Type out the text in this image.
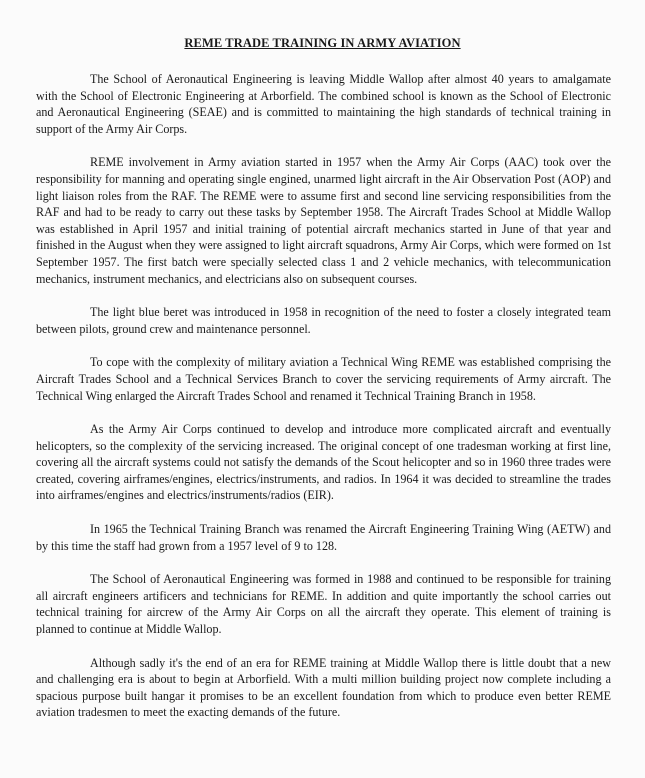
REME TRADE TRAINING IN ARMY AVIATION

The School of Aeronautical Engineering is leaving Middle Wallop after almost 40 years to amalgamate with the School of Electronic Engineering at Arborfield. The combined school is known as the School of Electronic and Aeronautical Engineering (SEAE) and is committed to maintaining the high standards of technical training in support of the Army Air Corps.

REME involvement in Army aviation started in 1957 when the Army Air Corps (AAC) took over the responsibility for manning and operating single engined, unarmed light aircraft in the Air Observation Post (AOP) and light liaison roles from the RAF. The REME were to assume first and second line servicing responsibilities from the RAF and had to be ready to carry out these tasks by September 1958. The Aircraft Trades School at Middle Wallop was established in April 1957 and initial training of potential aircraft mechanics started in June of that year and finished in the August when they were assigned to light aircraft squadrons, Army Air Corps, which were formed on 1st September 1957. The first batch were specially selected class 1 and 2 vehicle mechanics, with telecommunication mechanics, instrument mechanics, and electricians also on subsequent courses.

The light blue beret was introduced in 1958 in recognition of the need to foster a closely integrated team between pilots, ground crew and maintenance personnel.

To cope with the complexity of military aviation a Technical Wing REME was established comprising the Aircraft Trades School and a Technical Services Branch to cover the servicing requirements of Army aircraft. The Technical Wing enlarged the Aircraft Trades School and renamed it Technical Training Branch in 1958.

As the Army Air Corps continued to develop and introduce more complicated aircraft and eventually helicopters, so the complexity of the servicing increased. The original concept of one tradesman working at first line, covering all the aircraft systems could not satisfy the demands of the Scout helicopter and so in 1960 three trades were created, covering airframes/engines, electrics/instruments, and radios. In 1964 it was decided to streamline the trades into airframes/engines and electrics/instruments/radios (EIR).

In 1965 the Technical Training Branch was renamed the Aircraft Engineering Training Wing (AETW) and by this time the staff had grown from a 1957 level of 9 to 128.

The School of Aeronautical Engineering was formed in 1988 and continued to be responsible for training all aircraft engineers artificers and technicians for REME. In addition and quite importantly the school carries out technical training for aircrew of the Army Air Corps on all the aircraft they operate. This element of training is planned to continue at Middle Wallop.

Although sadly it's the end of an era for REME training at Middle Wallop there is little doubt that a new and challenging era is about to begin at Arborfield. With a multi million building project now complete including a spacious purpose built hangar it promises to be an excellent foundation from which to produce even better REME aviation tradesmen to meet the exacting demands of the future.
